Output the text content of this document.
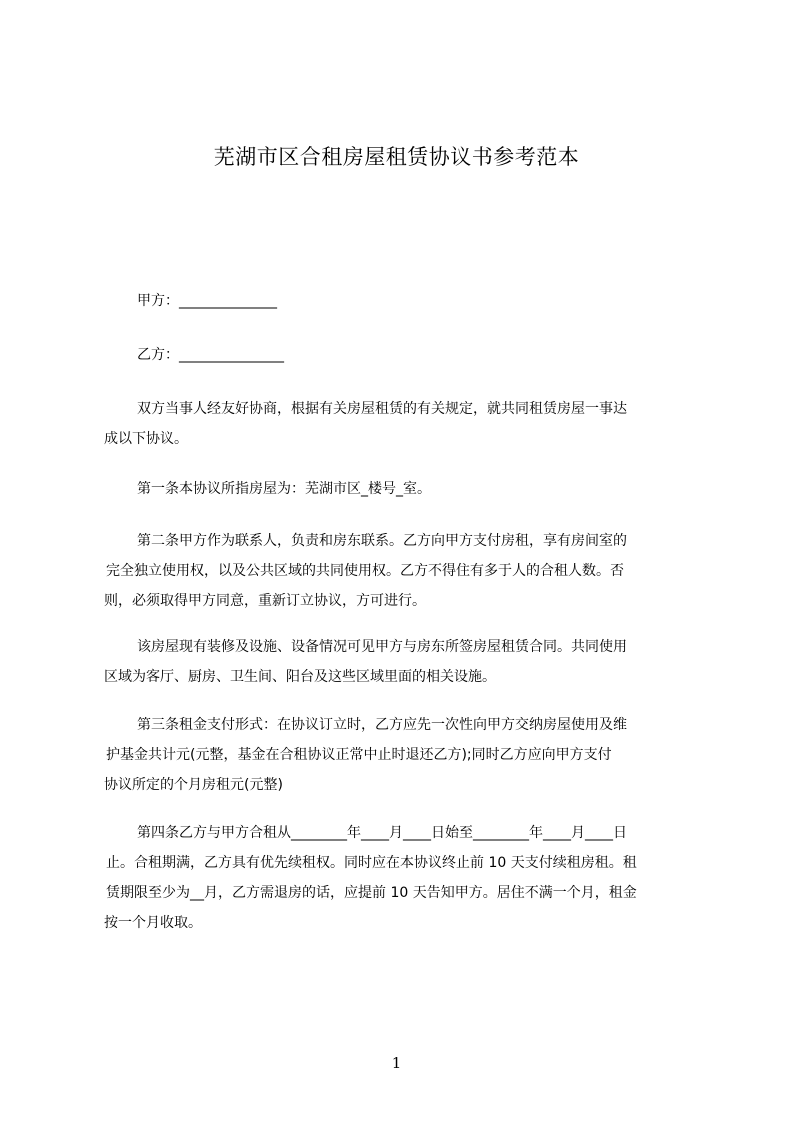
芜湖市区合租房屋租赁协议书参考范本

甲方：______________

乙方：_______________

双方当事人经友好协商，根据有关房屋租赁的有关规定，就共同租赁房屋一事达
成以下协议。

第一条本协议所指房屋为：芜湖市区_楼号_室。

第二条甲方作为联系人，负责和房东联系。乙方向甲方支付房租，享有房间室的
完全独立使用权，以及公共区域的共同使用权。乙方不得住有多于人的合租人数。否
则，必须取得甲方同意，重新订立协议，方可进行。

该房屋现有装修及设施、设备情况可见甲方与房东所签房屋租赁合同。共同使用
区域为客厅、厨房、卫生间、阳台及这些区域里面的相关设施。

第三条租金支付形式：在协议订立时，乙方应先一次性向甲方交纳房屋使用及维
护基金共计元(元整，基金在合租协议正常中止时退还乙方);同时乙方应向甲方支付
协议所定的个月房租元(元整)

第四条乙方与甲方合租从________年____月____日始至________年____月____日
止。合租期满，乙方具有优先续租权。同时应在本协议终止前 10 天支付续租房租。租
赁期限至少为__月，乙方需退房的话，应提前 10 天告知甲方。居住不满一个月，租金
按一个月收取。

1
